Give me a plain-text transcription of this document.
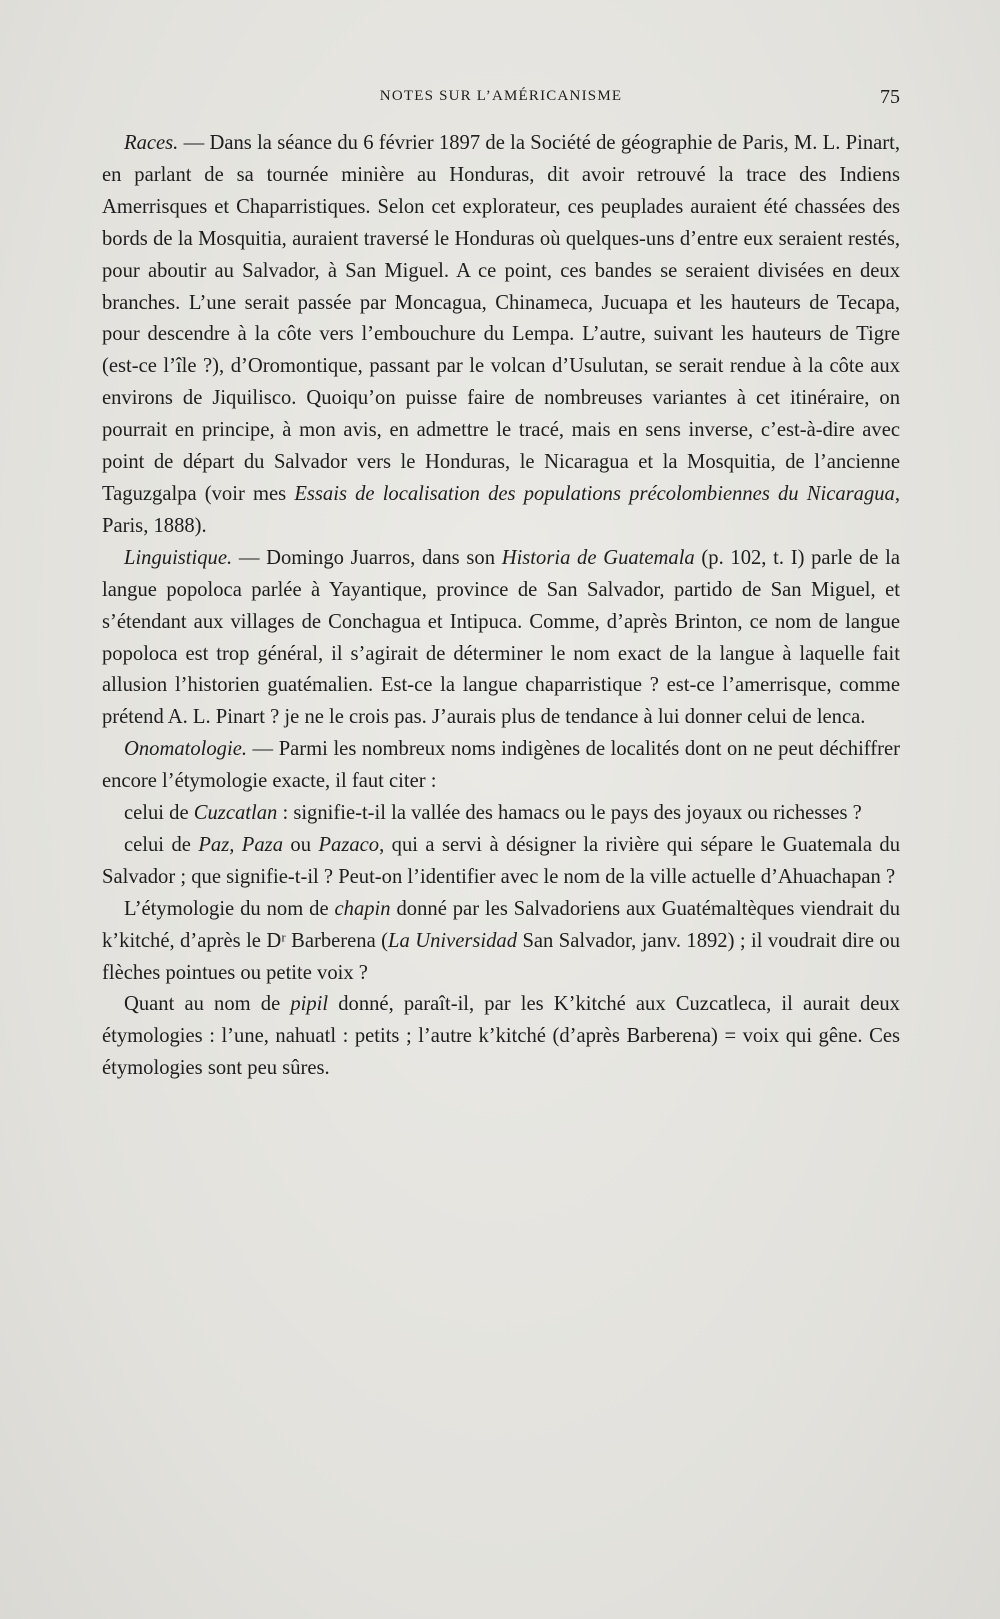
NOTES SUR L’AMÉRICANISME	75

Races. — Dans la séance du 6 février 1897 de la Société de géographie de Paris, M. L. Pinart, en parlant de sa tournée minière au Honduras, dit avoir retrouvé la trace des Indiens Amerrisques et Chaparristiques. Selon cet explorateur, ces peuplades auraient été chassées des bords de la Mosquitia, auraient traversé le Honduras où quelques-uns d’entre eux seraient restés, pour aboutir au Salvador, à San Miguel. A ce point, ces bandes se seraient divisées en deux branches. L’une serait passée par Moncagua, Chinameca, Jucuapa et les hauteurs de Tecapa, pour descendre à la côte vers l’embouchure du Lempa. L’autre, suivant les hauteurs de Tigre (est-ce l’île ?), d’Oromontique, passant par le volcan d’Usulutan, se serait rendue à la côte aux environs de Jiquilisco. Quoiqu’on puisse faire de nombreuses variantes à cet itinéraire, on pourrait en principe, à mon avis, en admettre le tracé, mais en sens inverse, c’est-à-dire avec point de départ du Salvador vers le Honduras, le Nicaragua et la Mosquitia, de l’ancienne Taguzgalpa (voir mes Essais de localisation des populations précolombiennes du Nicaragua, Paris, 1888).

Linguistique. — Domingo Juarros, dans son Historia de Guatemala (p. 102, t. I) parle de la langue popoloca parlée à Yayantique, province de San Salvador, partido de San Miguel, et s’étendant aux villages de Conchagua et Intipuca. Comme, d’après Brinton, ce nom de langue popoloca est trop général, il s’agirait de déterminer le nom exact de la langue à laquelle fait allusion l’historien guatémalien. Est-ce la langue chaparristique ? est-ce l’amerrisque, comme prétend A. L. Pinart ? je ne le crois pas. J’aurais plus de tendance à lui donner celui de lenca.

Onomatologie. — Parmi les nombreux noms indigènes de localités dont on ne peut déchiffrer encore l’étymologie exacte, il faut citer :

celui de Cuzcatlan : signifie-t-il la vallée des hamacs ou le pays des joyaux ou richesses ?

celui de Paz, Paza ou Pazaco, qui a servi à désigner la rivière qui sépare le Guatemala du Salvador ; que signifie-t-il ? Peut-on l’identifier avec le nom de la ville actuelle d’Ahuachapan ?

L’étymologie du nom de chapin donné par les Salvadoriens aux Guatémaltèques viendrait du k’kitché, d’après le Dʳ Barberena (La Universidad San Salvador, janv. 1892) ; il voudrait dire ou flèches pointues ou petite voix ?

Quant au nom de pipil donné, paraît-il, par les K’kitché aux Cuzcatleca, il aurait deux étymologies : l’une, nahuatl : petits ; l’autre k’kitché (d’après Barberena) = voix qui gêne. Ces étymologies sont peu sûres.
